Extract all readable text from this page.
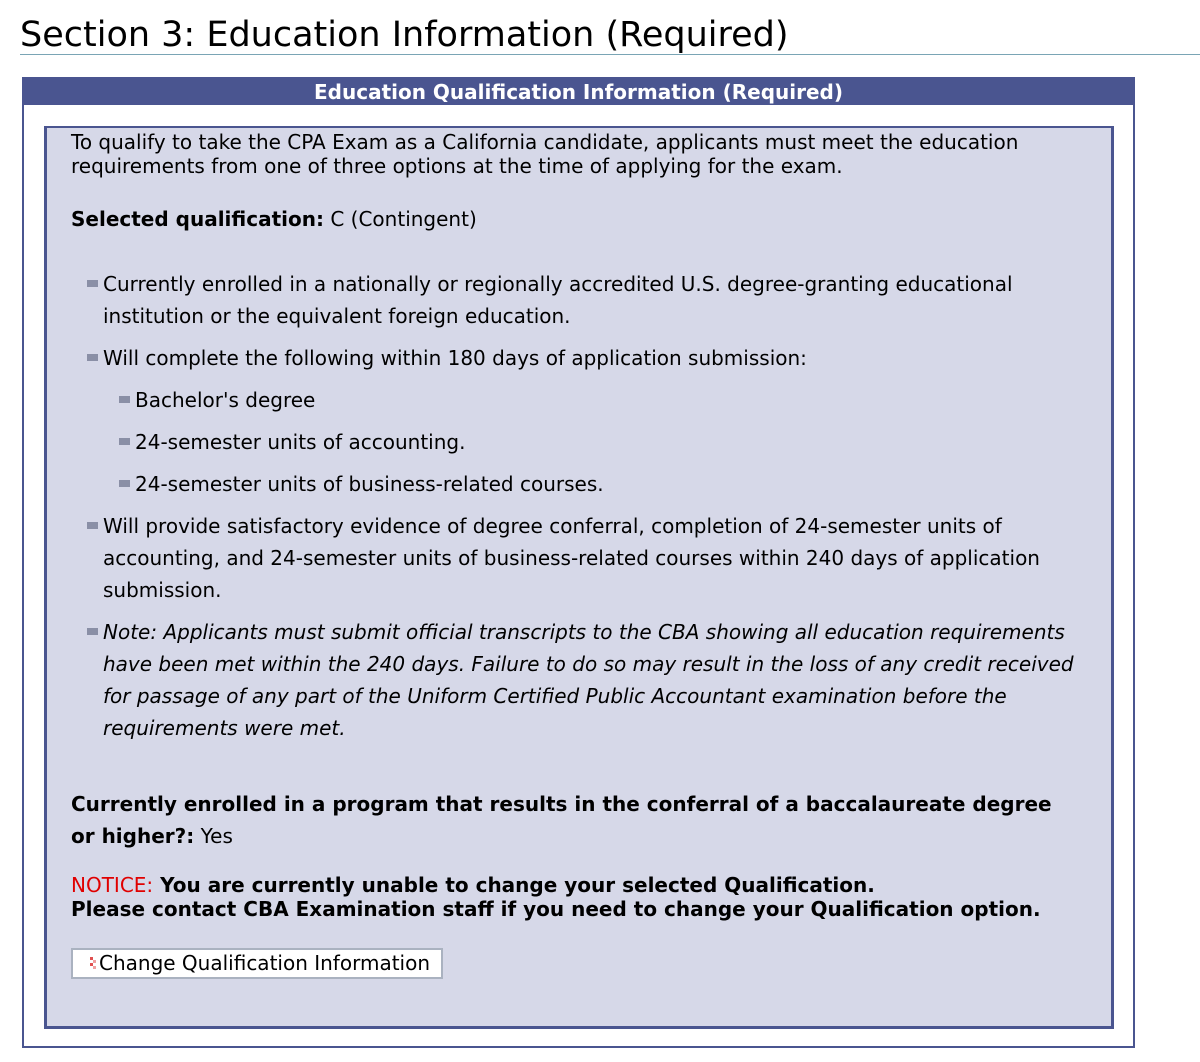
Section 3: Education Information (Required)
Education Qualification Information (Required)

To qualify to take the CPA Exam as a California candidate, applicants must meet the education requirements from one of three options at the time of applying for the exam.

Selected qualification: C (Contingent)

Currently enrolled in a nationally or regionally accredited U.S. degree-granting educational institution or the equivalent foreign education.
Will complete the following within 180 days of application submission:
Bachelor's degree
24-semester units of accounting.
24-semester units of business-related courses.
Will provide satisfactory evidence of degree conferral, completion of 24-semester units of accounting, and 24-semester units of business-related courses within 240 days of application submission.
Note: Applicants must submit official transcripts to the CBA showing all education requirements have been met within the 240 days. Failure to do so may result in the loss of any credit received for passage of any part of the Uniform Certified Public Accountant examination before the requirements were met.

Currently enrolled in a program that results in the conferral of a baccalaureate degree or higher?: Yes

NOTICE: You are currently unable to change your selected Qualification.
Please contact CBA Examination staff if you need to change your Qualification option.
Change Qualification Information
